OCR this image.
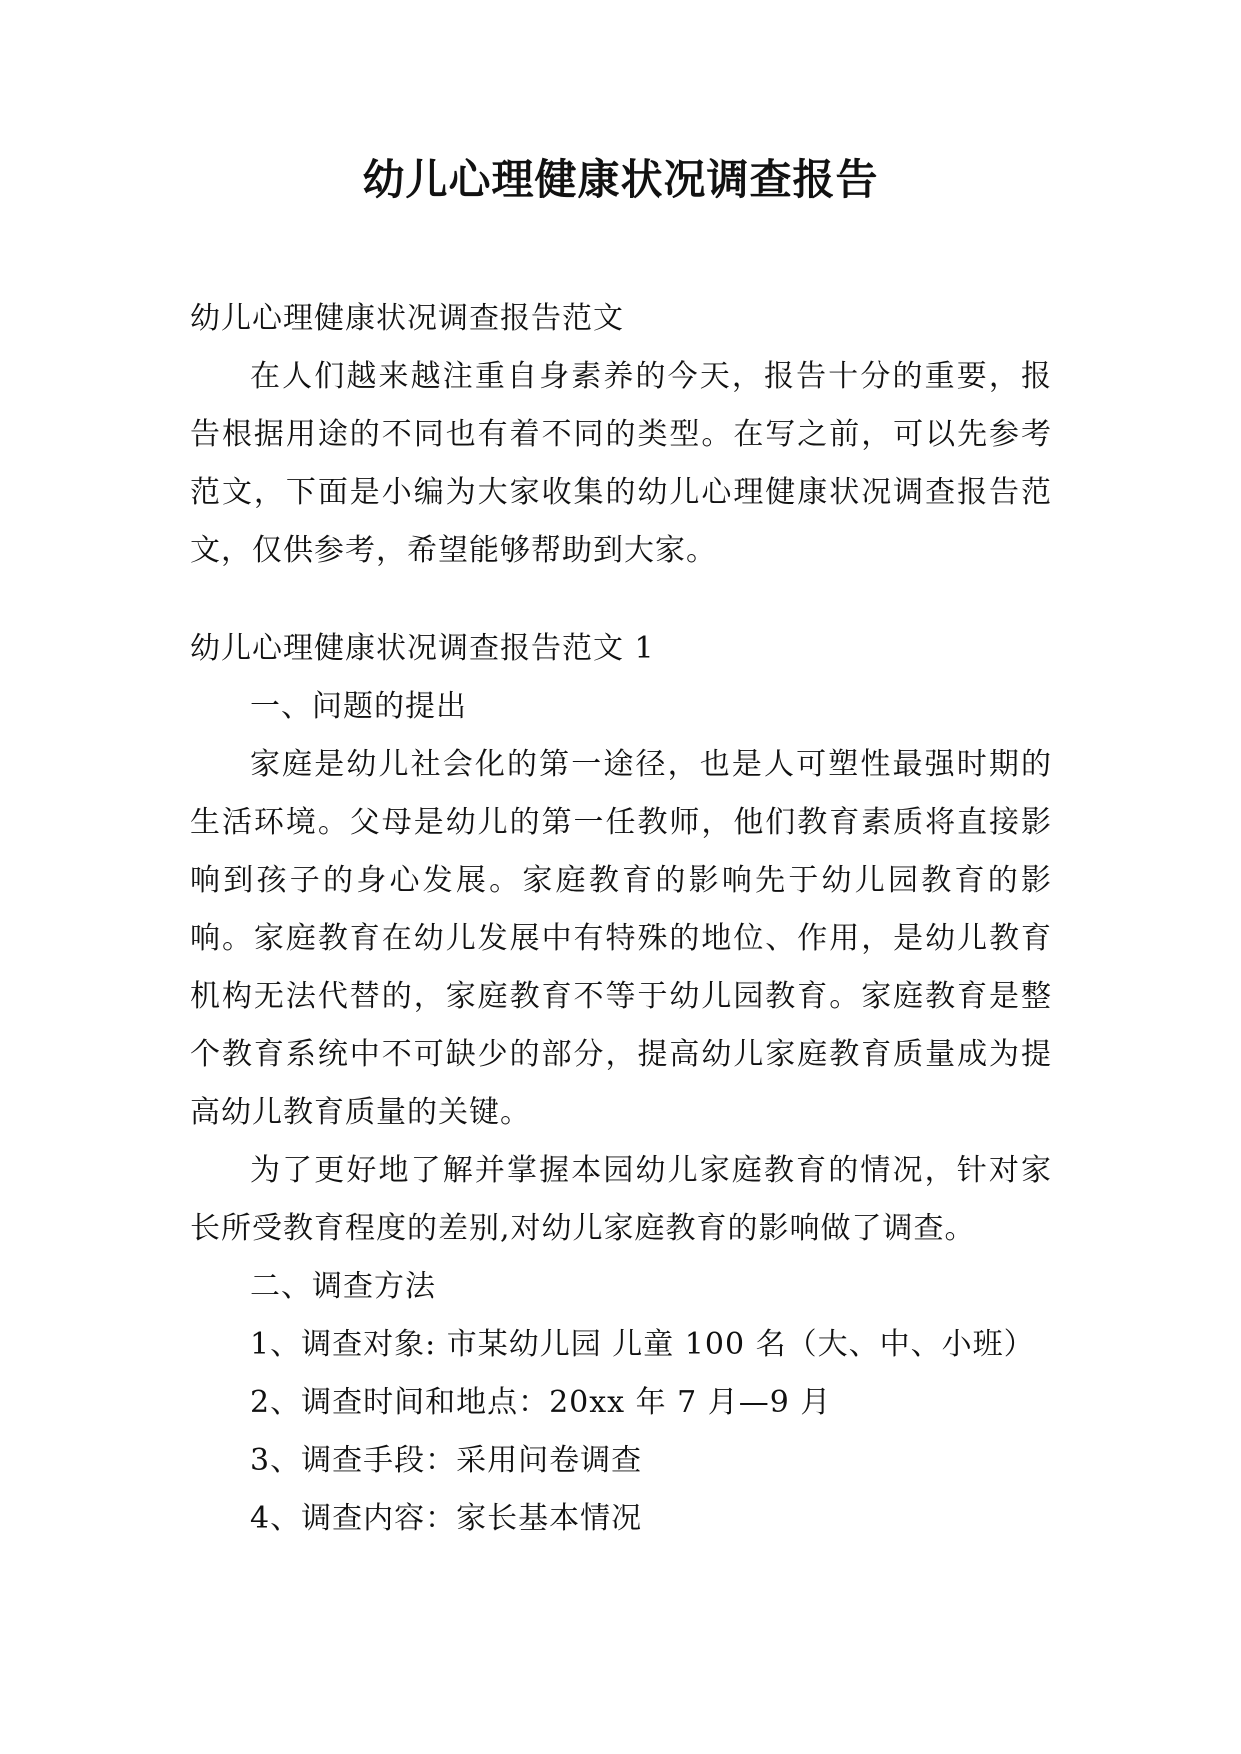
幼儿心理健康状况调查报告

幼儿心理健康状况调查报告范文

在人们越来越注重自身素养的今天，报告十分的重要，报告根据用途的不同也有着不同的类型。在写之前，可以先参考范文，下面是小编为大家收集的幼儿心理健康状况调查报告范文，仅供参考，希望能够帮助到大家。

幼儿心理健康状况调查报告范文 1

一、问题的提出

家庭是幼儿社会化的第一途径，也是人可塑性最强时期的生活环境。父母是幼儿的第一任教师，他们教育素质将直接影响到孩子的身心发展。家庭教育的影响先于幼儿园教育的影响。家庭教育在幼儿发展中有特殊的地位、作用，是幼儿教育机构无法代替的，家庭教育不等于幼儿园教育。家庭教育是整个教育系统中不可缺少的部分，提高幼儿家庭教育质量成为提高幼儿教育质量的关键。

为了更好地了解并掌握本园幼儿家庭教育的情况，针对家长所受教育程度的差别,对幼儿家庭教育的影响做了调查。

二、调查方法

1、调查对象: 市某幼儿园 儿童 100 名（大、中、小班）

2、调查时间和地点：20xx 年 7 月—9 月

3、调查手段：采用问卷调查

4、调查内容：家长基本情况
